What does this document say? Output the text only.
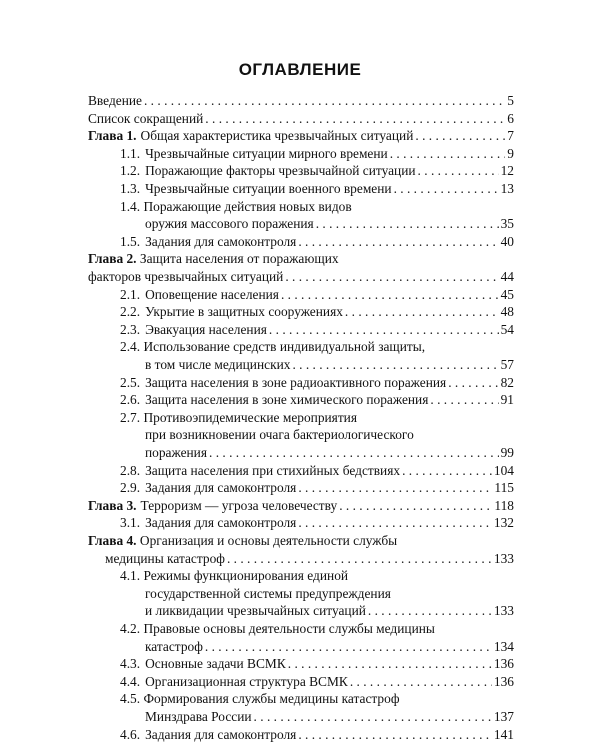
ОГЛАВЛЕНИЕ
Введение . . .	5
Список сокращений . . .	6
Глава 1. Общая характеристика чрезвычайных ситуаций . . .	7
1.1. Чрезвычайные ситуации мирного времени . . .	9
1.2. Поражающие факторы чрезвычайной ситуации . . .	12
1.3. Чрезвычайные ситуации военного времени . . .	13
1.4. Поражающие действия новых видов
оружия массового поражения . . .	35
1.5. Задания для самоконтроля . . .	40
Глава 2. Защита населения от поражающих
факторов чрезвычайных ситуаций . . .	44
2.1. Оповещение населения . . .	45
2.2. Укрытие в защитных сооружениях . . .	48
2.3. Эвакуация населения . . .	54
2.4. Использование средств индивидуальной защиты,
в том числе медицинских . . .	57
2.5. Защита населения в зоне радиоактивного поражения . . .	82
2.6. Защита населения в зоне химического поражения . . .	91
2.7. Противоэпидемические мероприятия
при возникновении очага бактериологического
поражения . . .	99
2.8. Защита населения при стихийных бедствиях . . .	104
2.9. Задания для самоконтроля . . .	115
Глава 3. Терроризм — угроза человечеству . . .	118
3.1. Задания для самоконтроля . . .	132
Глава 4. Организация и основы деятельности службы
медицины катастроф . . .	133
4.1. Режимы функционирования единой
государственной системы предупреждения
и ликвидации чрезвычайных ситуаций . . .	133
4.2. Правовые основы деятельности службы медицины
катастроф . . .	134
4.3. Основные задачи ВСМК . . .	136
4.4. Организационная структура ВСМК . . .	136
4.5. Формирования службы медицины катастроф
Минздрава России . . .	137
4.6. Задания для самоконтроля . . .	141
